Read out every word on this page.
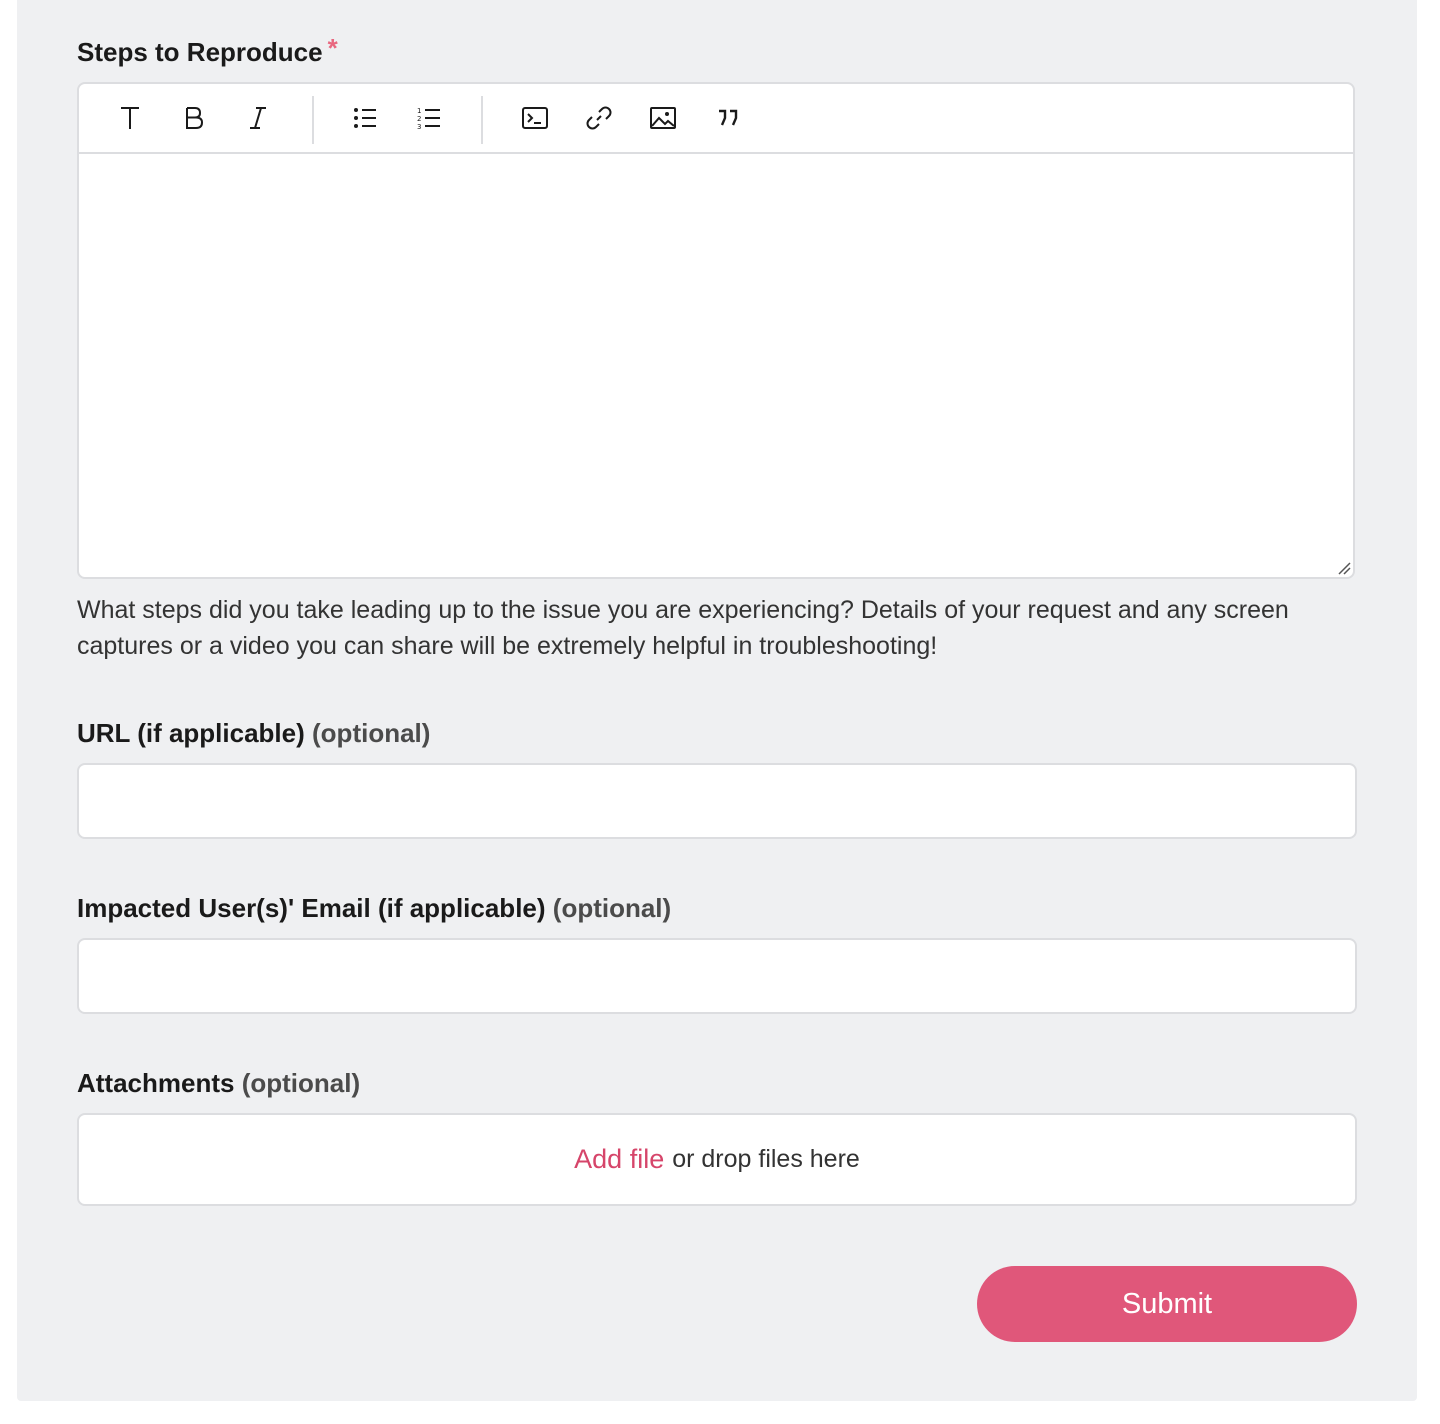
Steps to Reproduce *
1
2
3
What steps did you take leading up to the issue you are experiencing? Details of your request and any screen captures or a video you can share will be extremely helpful in troubleshooting!
URL (if applicable) (optional)
Impacted User(s)' Email (if applicable) (optional)
Attachments (optional)
Add file or drop files here
Submit
